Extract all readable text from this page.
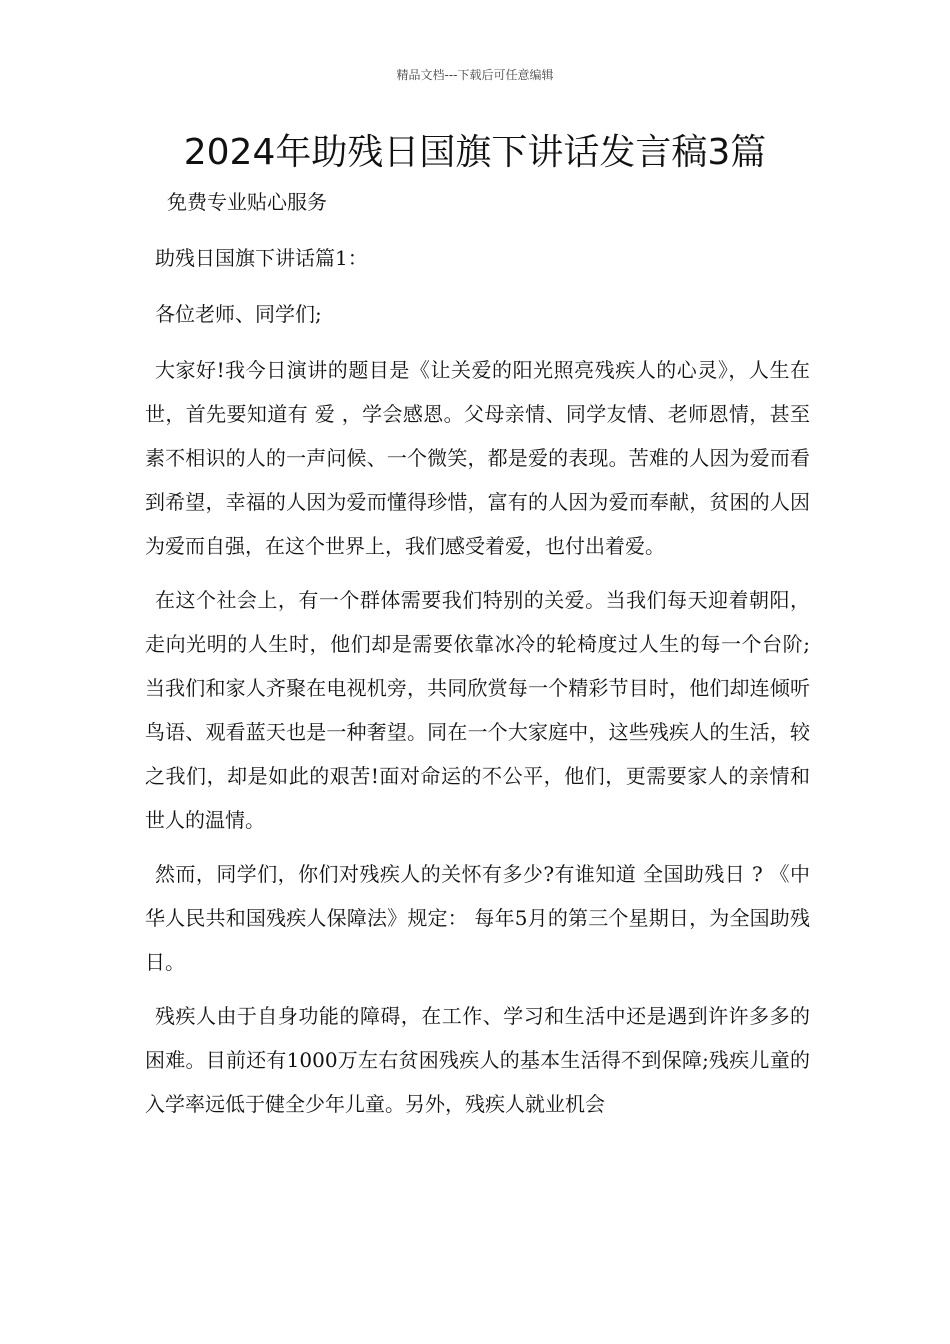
精品文档---下载后可任意编辑
2024年助残日国旗下讲话发言稿3篇

免费专业贴心服务

助残日国旗下讲话篇1：

各位老师、同学们;

大家好!我今日演讲的题目是《让关爱的阳光照亮残疾人的心灵》，人生在世，首先要知道有 爱 ，学会感恩。父母亲情、同学友情、老师恩情，甚至素不相识的人的一声问候、一个微笑，都是爱的表现。苦难的人因为爱而看到希望，幸福的人因为爱而懂得珍惜，富有的人因为爱而奉献，贫困的人因为爱而自强，在这个世界上，我们感受着爱，也付出着爱。

在这个社会上，有一个群体需要我们特别的关爱。当我们每天迎着朝阳，走向光明的人生时，他们却是需要依靠冰冷的轮椅度过人生的每一个台阶;当我们和家人齐聚在电视机旁，共同欣赏每一个精彩节目时，他们却连倾听鸟语、观看蓝天也是一种奢望。同在一个大家庭中，这些残疾人的生活，较之我们，却是如此的艰苦!面对命运的不公平，他们，更需要家人的亲情和世人的温情。

然而，同学们，你们对残疾人的关怀有多少?有谁知道 全国助残日 ? 《中华人民共和国残疾人保障法》规定： 每年5月的第三个星期日，为全国助残日。

残疾人由于自身功能的障碍，在工作、学习和生活中还是遇到许许多多的困难。目前还有1000万左右贫困残疾人的基本生活得不到保障;残疾儿童的入学率远低于健全少年儿童。另外，残疾人就业机会
